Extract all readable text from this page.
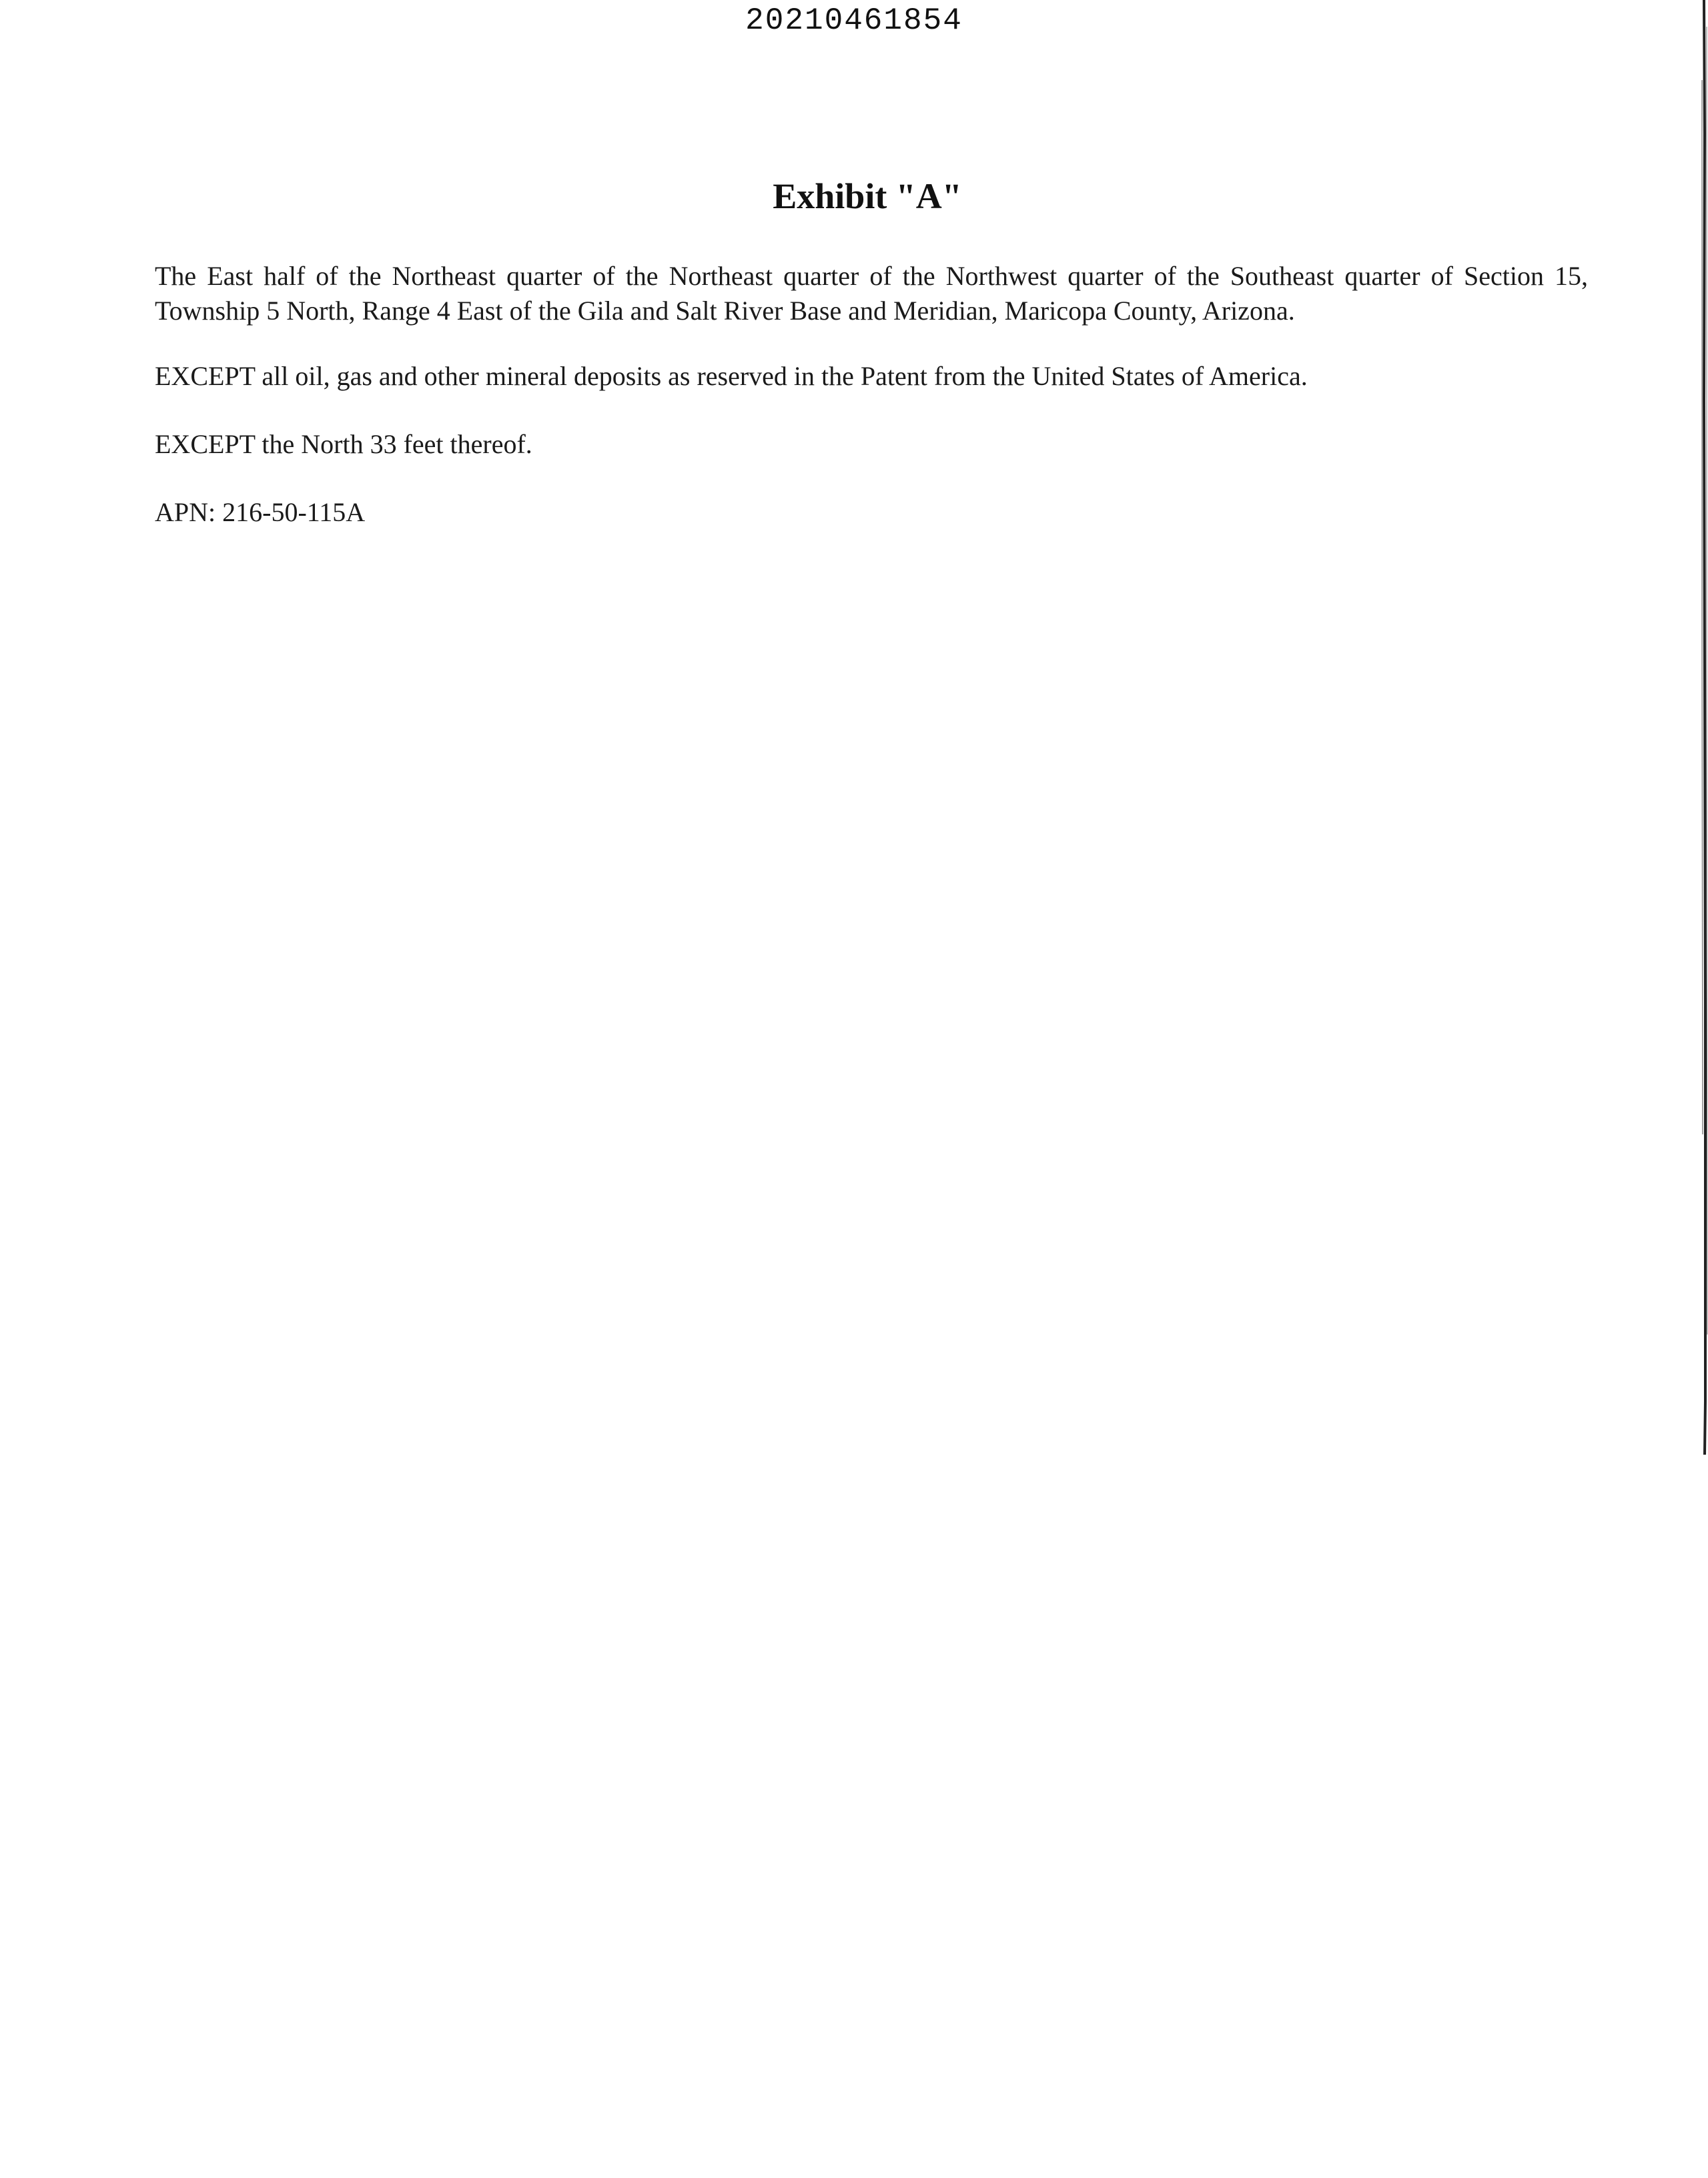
20210461854
Exhibit "A"

The East half of the Northeast quarter of the Northeast quarter of the Northwest quarter of the Southeast quarter of Section 15, Township 5 North, Range 4 East of the Gila and Salt River Base and Meridian, Maricopa County, Arizona.

EXCEPT all oil, gas and other mineral deposits as reserved in the Patent from the United States of America.

EXCEPT the North 33 feet thereof.

APN: 216-50-115A
